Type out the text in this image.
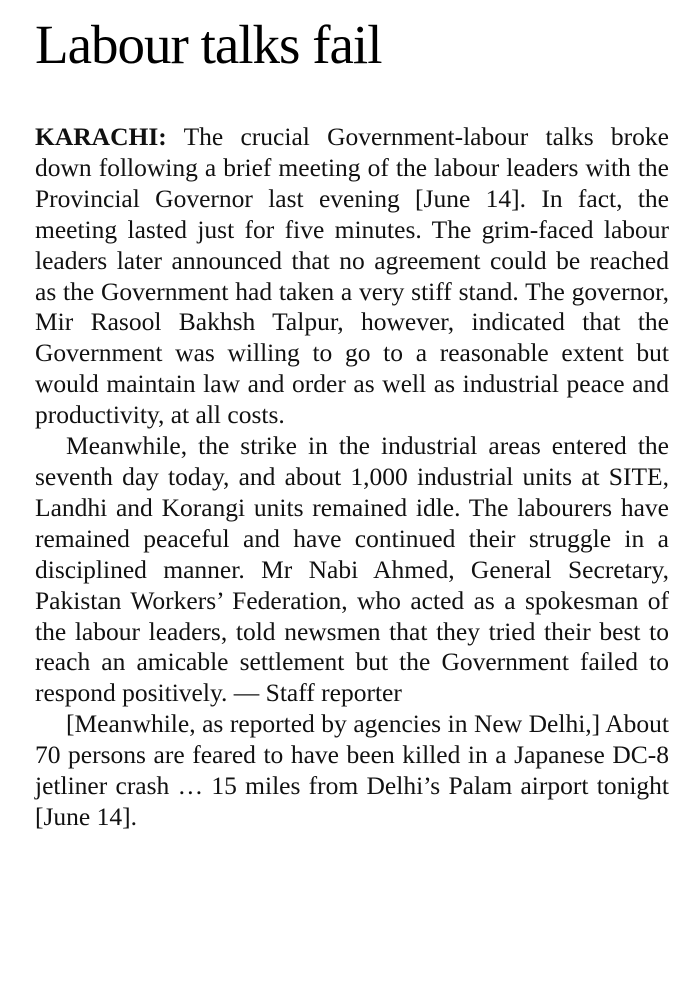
Labour talks fail

KARACHI: The crucial Government-labour talks broke down following a brief meeting of the labour leaders with the Provincial Governor last evening [June 14]. In fact, the meeting lasted just for five minutes. The grim-faced labour leaders later announced that no agreement could be reached as the Government had taken a very stiff stand. The governor, Mir Rasool Bakhsh Talpur, however, indicated that the Government was willing to go to a reasonable extent but would maintain law and order as well as industrial peace and productivity, at all costs.

Meanwhile, the strike in the industrial areas entered the seventh day today, and about 1,000 industrial units at SITE, Landhi and Korangi units remained idle. The labourers have remained peaceful and have continued their struggle in a disciplined manner. Mr Nabi Ahmed, General Secretary, Pakistan Workers’ Federation, who acted as a spokesman of the labour leaders, told newsmen that they tried their best to reach an amicable settlement but the Government failed to respond positively. — Staff reporter

[Meanwhile, as reported by agencies in New Delhi,] About 70 persons are feared to have been killed in a Japanese DC-8 jetliner crash … 15 miles from Delhi’s Palam airport tonight [June 14].
